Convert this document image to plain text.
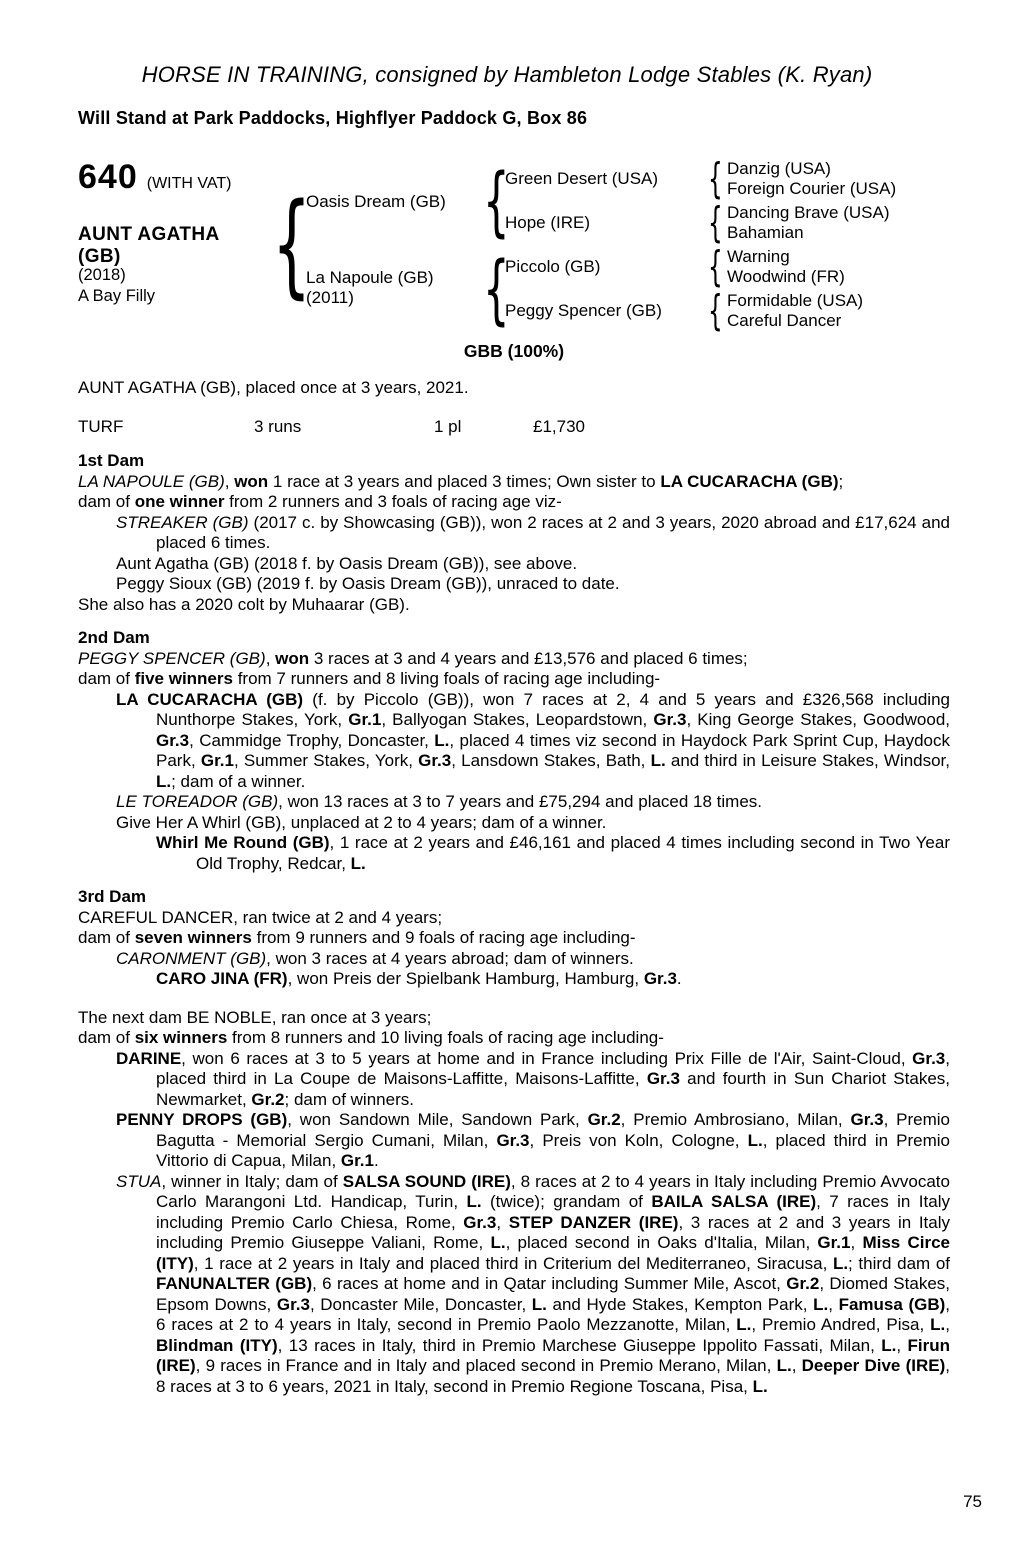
HORSE IN TRAINING, consigned by Hambleton Lodge Stables (K. Ryan)
Will Stand at Park Paddocks, Highflyer Paddock G, Box 86
640 (WITH VAT)
AUNT AGATHA
(GB)
(2018)
A Bay Filly {
Oasis Dream (GB)
La Napoule (GB)
(2011)
{
{
Green Desert (USA)
Hope (IRE)
Piccolo (GB)
Peggy Spencer (GB)
{
{
{
{
Danzig (USA)
Foreign Courier (USA)
Dancing Brave (USA)
Bahamian
Warning
Woodwind (FR)
Formidable (USA)
Careful Dancer
GBB (100%)
AUNT AGATHA (GB), placed once at 3 years, 2021.
TURF	3 runs	1 pl	£1,730
1st Dam
LA NAPOULE (GB), won 1 race at 3 years and placed 3 times; Own sister to LA CUCARACHA (GB);
dam of one winner from 2 runners and 3 foals of racing age viz-
STREAKER (GB) (2017 c. by Showcasing (GB)), won 2 races at 2 and 3 years, 2020 abroad and £17,624 and placed 6 times.
Aunt Agatha (GB) (2018 f. by Oasis Dream (GB)), see above.
Peggy Sioux (GB) (2019 f. by Oasis Dream (GB)), unraced to date.
She also has a 2020 colt by Muhaarar (GB).
2nd Dam
PEGGY SPENCER (GB), won 3 races at 3 and 4 years and £13,576 and placed 6 times;
dam of five winners from 7 runners and 8 living foals of racing age including-
LA CUCARACHA (GB) (f. by Piccolo (GB)), won 7 races at 2, 4 and 5 years and £326,568 including Nunthorpe Stakes, York, Gr.1, Ballyogan Stakes, Leopardstown, Gr.3, King George Stakes, Goodwood, Gr.3, Cammidge Trophy, Doncaster, L., placed 4 times viz second in Haydock Park Sprint Cup, Haydock Park, Gr.1, Summer Stakes, York, Gr.3, Lansdown Stakes, Bath, L. and third in Leisure Stakes, Windsor, L.; dam of a winner.
LE TOREADOR (GB), won 13 races at 3 to 7 years and £75,294 and placed 18 times.
Give Her A Whirl (GB), unplaced at 2 to 4 years; dam of a winner.
Whirl Me Round (GB), 1 race at 2 years and £46,161 and placed 4 times including second in Two Year Old Trophy, Redcar, L.
3rd Dam
CAREFUL DANCER, ran twice at 2 and 4 years;
dam of seven winners from 9 runners and 9 foals of racing age including-
CARONMENT (GB), won 3 races at 4 years abroad; dam of winners.
CARO JINA (FR), won Preis der Spielbank Hamburg, Hamburg, Gr.3.
The next dam BE NOBLE, ran once at 3 years;
dam of six winners from 8 runners and 10 living foals of racing age including-
DARINE, won 6 races at 3 to 5 years at home and in France including Prix Fille de l'Air, Saint-Cloud, Gr.3, placed third in La Coupe de Maisons-Laffitte, Maisons-Laffitte, Gr.3 and fourth in Sun Chariot Stakes, Newmarket, Gr.2; dam of winners.
PENNY DROPS (GB), won Sandown Mile, Sandown Park, Gr.2, Premio Ambrosiano, Milan, Gr.3, Premio Bagutta - Memorial Sergio Cumani, Milan, Gr.3, Preis von Koln, Cologne, L., placed third in Premio Vittorio di Capua, Milan, Gr.1.
STUA, winner in Italy; dam of SALSA SOUND (IRE), 8 races at 2 to 4 years in Italy including Premio Avvocato Carlo Marangoni Ltd. Handicap, Turin, L. (twice); grandam of BAILA SALSA (IRE), 7 races in Italy including Premio Carlo Chiesa, Rome, Gr.3, STEP DANZER (IRE), 3 races at 2 and 3 years in Italy including Premio Giuseppe Valiani, Rome, L., placed second in Oaks d'Italia, Milan, Gr.1, Miss Circe (ITY), 1 race at 2 years in Italy and placed third in Criterium del Mediterraneo, Siracusa, L.; third dam of FANUNALTER (GB), 6 races at home and in Qatar including Summer Mile, Ascot, Gr.2, Diomed Stakes, Epsom Downs, Gr.3, Doncaster Mile, Doncaster, L. and Hyde Stakes, Kempton Park, L., Famusa (GB), 6 races at 2 to 4 years in Italy, second in Premio Paolo Mezzanotte, Milan, L., Premio Andred, Pisa, L., Blindman (ITY), 13 races in Italy, third in Premio Marchese Giuseppe Ippolito Fassati, Milan, L., Firun (IRE), 9 races in France and in Italy and placed second in Premio Merano, Milan, L., Deeper Dive (IRE), 8 races at 3 to 6 years, 2021 in Italy, second in Premio Regione Toscana, Pisa, L.
75
